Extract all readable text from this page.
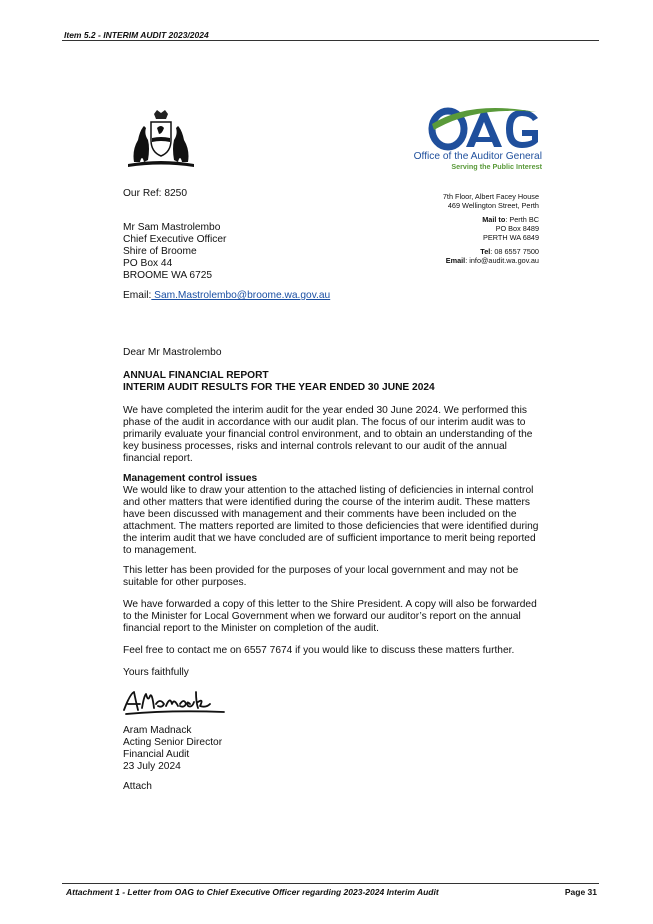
Item 5.2 - INTERIM AUDIT 2023/2024
Office of the Auditor General
Serving the Public Interest
Our Ref: 8250	7th Floor, Albert Facey House
469 Wellington Street, Perth
Mail to: Perth BC
PO Box 8489
PERTH WA 6849
Tel: 08 6557 7500
Email: info@audit.wa.gov.au
Mr Sam Mastrolembo
Chief Executive Officer
Shire of Broome
PO Box 44
BROOME WA 6725
Email: Sam.Mastrolembo@broome.wa.gov.au
Dear Mr Mastrolembo
ANNUAL FINANCIAL REPORT
INTERIM AUDIT RESULTS FOR THE YEAR ENDED 30 JUNE 2024
We have completed the interim audit for the year ended 30 June 2024. We performed this phase of the audit in accordance with our audit plan. The focus of our interim audit was to primarily evaluate your financial control environment, and to obtain an understanding of the key business processes, risks and internal controls relevant to our audit of the annual financial report.
Management control issues
We would like to draw your attention to the attached listing of deficiencies in internal control and other matters that were identified during the course of the interim audit. These matters have been discussed with management and their comments have been included on the attachment. The matters reported are limited to those deficiencies that were identified during the interim audit that we have concluded are of sufficient importance to merit being reported to management.
This letter has been provided for the purposes of your local government and may not be suitable for other purposes.
We have forwarded a copy of this letter to the Shire President. A copy will also be forwarded to the Minister for Local Government when we forward our auditor’s report on the annual financial report to the Minister on completion of the audit.
Feel free to contact me on 6557 7674 if you would like to discuss these matters further.
Yours faithfully
Aram Madnack
Acting Senior Director
Financial Audit
23 July 2024
Attach
Attachment 1 - Letter from OAG to Chief Executive Officer regarding 2023-2024 Interim Audit	Page 31
